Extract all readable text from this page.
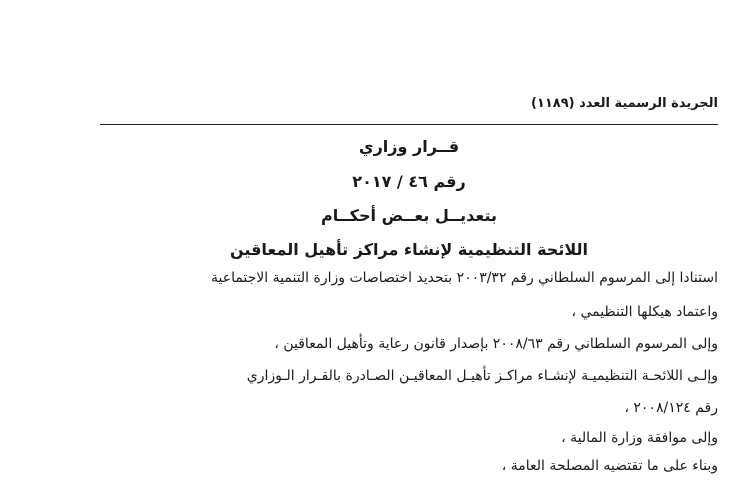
الجريدة الرسمية العدد (١١٨٩)
قــرار وزاري
رقم ٤٦ / ٢٠١٧
بتعديــل بعــض أحكــام
اللائحة التنظيمية لإنشاء مراكز تأهيل المعاقين
استنادا إلى المرسوم السلطاني رقم ٢٠٠٣/٣٢ بتحديد اختصاصات وزارة التنمية الاجتماعية
واعتماد هيكلها التنظيمي ،
وإلى المرسوم السلطاني رقم ٢٠٠٨/٦٣ بإصدار قانون رعاية وتأهيل المعاقين ،
وإلـى اللائحـة التنظيميـة لإنشـاء مراكـز تأهيـل المعاقيـن الصـادرة بالقـرار الـوزاري
رقم ٢٠٠٨/١٢٤ ،
وإلى موافقة وزارة المالية ،
وبناء على ما تقتضيه المصلحة العامة ،
